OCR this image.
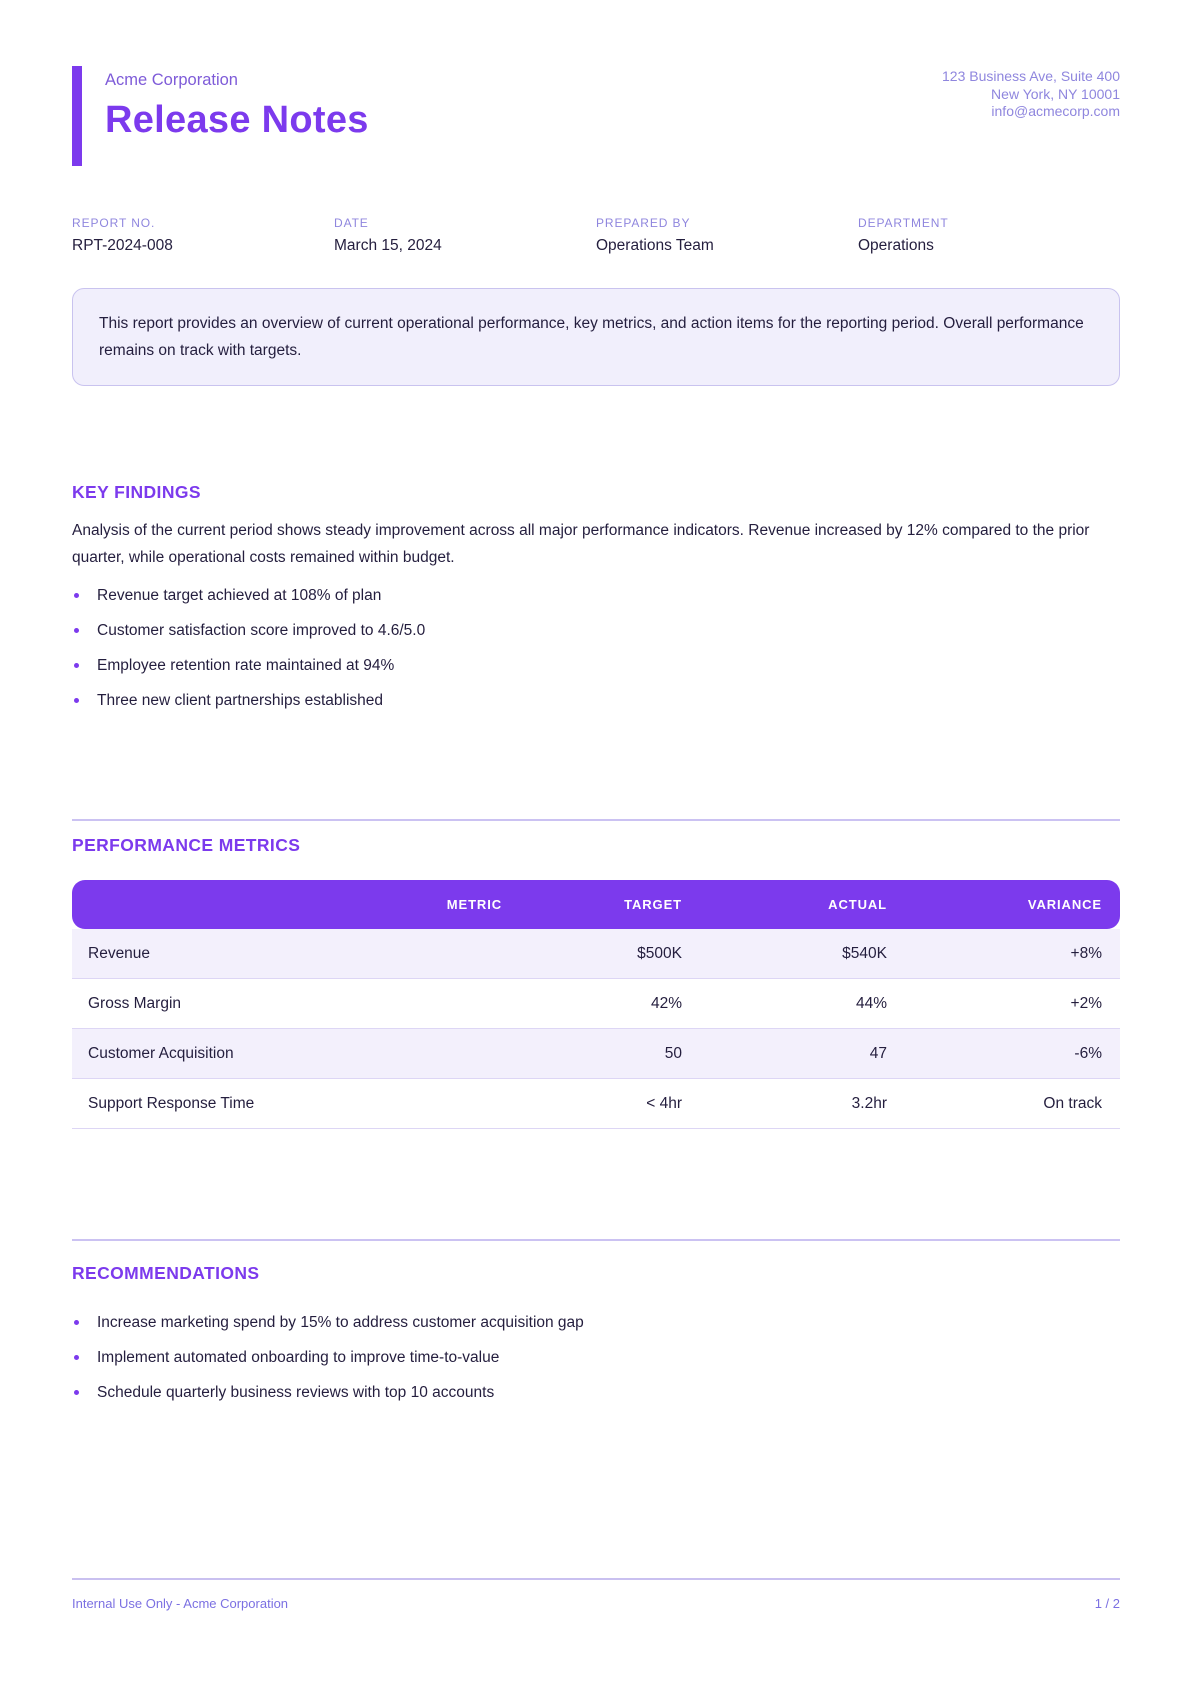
Acme Corporation
Release Notes
123 Business Ave, Suite 400
New York, NY 10001
info@acmecorp.com
REPORT NO.
RPT-2024-008
DATE
March 15, 2024
PREPARED BY
Operations Team
DEPARTMENT
Operations

This report provides an overview of current operational performance, key metrics, and action items for the reporting period. Overall performance remains on track with targets.

KEY FINDINGS

Analysis of the current period shows steady improvement across all major performance indicators. Revenue increased by 12% compared to the prior quarter, while operational costs remained within budget.

Revenue target achieved at 108% of plan
Customer satisfaction score improved to 4.6/5.0
Employee retention rate maintained at 94%
Three new client partnerships established
PERFORMANCE METRICS
METRIC	TARGET	ACTUAL	VARIANCE
Revenue	$500K	$540K	+8%
Gross Margin	42%	44%	+2%
Customer Acquisition	50	47	-6%
Support Response Time	< 4hr	3.2hr	On track
RECOMMENDATIONS
Increase marketing spend by 15% to address customer acquisition gap
Implement automated onboarding to improve time-to-value
Schedule quarterly business reviews with top 10 accounts
Internal Use Only - Acme Corporation	1 / 2
